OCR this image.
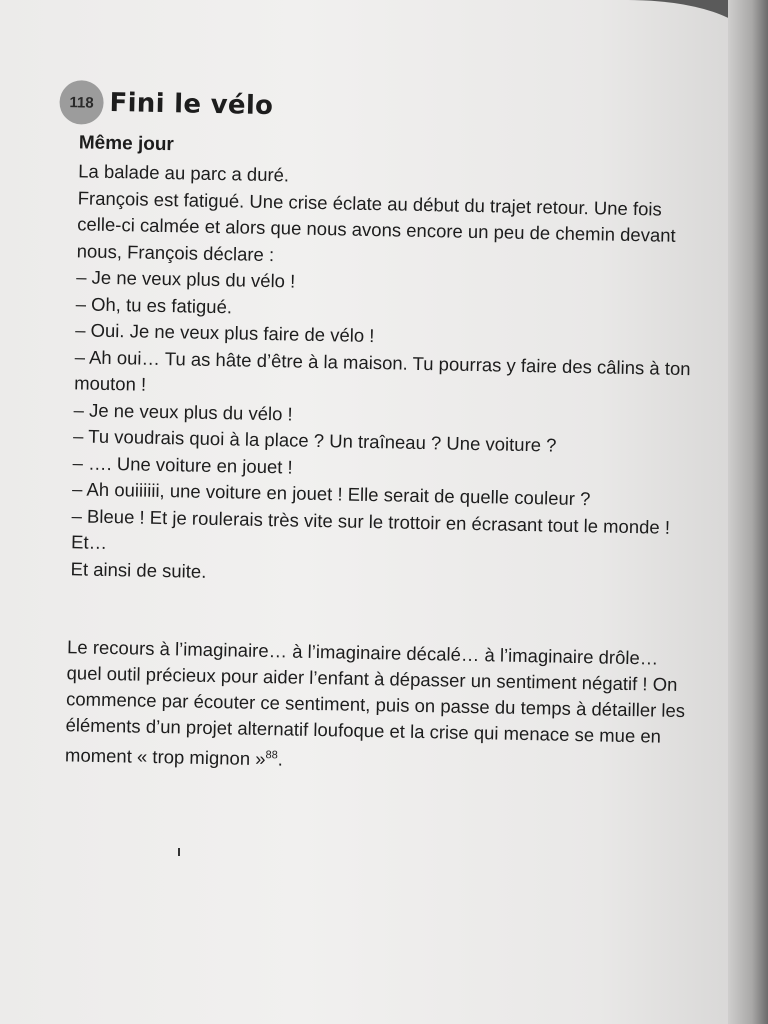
118 Fini le vélo
Même jour

La balade au parc a duré.

François est fatigué. Une crise éclate au début du trajet retour. Une fois

celle-ci calmée et alors que nous avons encore un peu de chemin devant

nous, François déclare :

– Je ne veux plus du vélo !

– Oh, tu es fatigué.

– Oui. Je ne veux plus faire de vélo !

– Ah oui… Tu as hâte d’être à la maison. Tu pourras y faire des câlins à ton

mouton !

– Je ne veux plus du vélo !

– Tu voudrais quoi à la place ? Un traîneau ? Une voiture ?

– …. Une voiture en jouet !

– Ah ouiiiiii, une voiture en jouet ! Elle serait de quelle couleur ?

– Bleue ! Et je roulerais très vite sur le trottoir en écrasant tout le monde !

Et…

Et ainsi de suite.

Le recours à l’imaginaire… à l’imaginaire décalé… à l’imaginaire drôle…

quel outil précieux pour aider l’enfant à dépasser un sentiment négatif ! On

commence par écouter ce sentiment, puis on passe du temps à détailler les

éléments d’un projet alternatif loufoque et la crise qui menace se mue en

moment « trop mignon »$^{88}$.
